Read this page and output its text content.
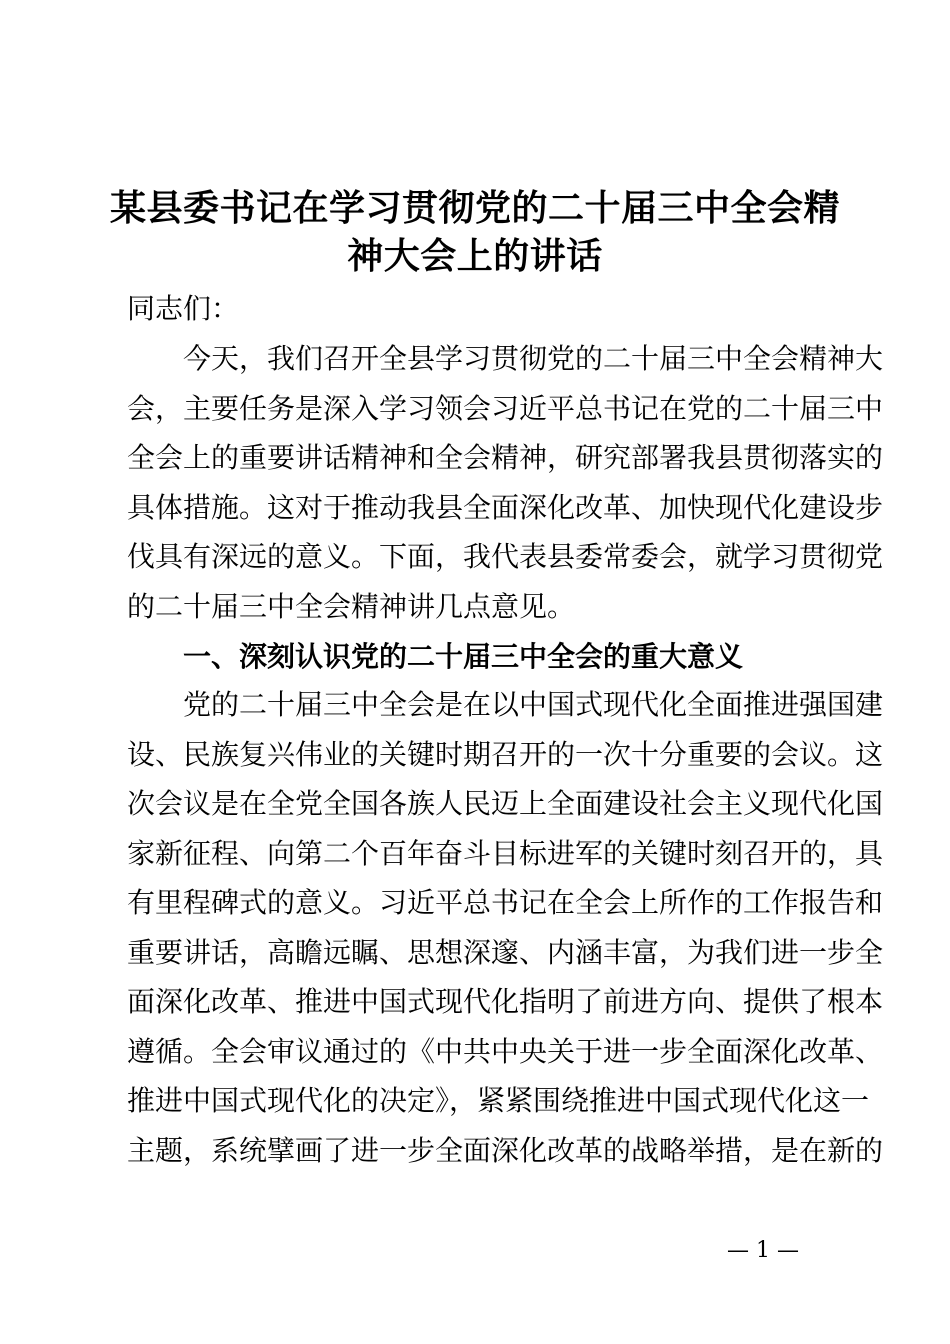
某县委书记在学习贯彻党的二十届三中全会精
神大会上的讲话

同志们：

今天，我们召开全县学习贯彻党的二十届三中全会精神大
会，主要任务是深入学习领会习近平总书记在党的二十届三中
全会上的重要讲话精神和全会精神，研究部署我县贯彻落实的
具体措施。这对于推动我县全面深化改革、加快现代化建设步
伐具有深远的意义。下面，我代表县委常委会，就学习贯彻党
的二十届三中全会精神讲几点意见。
一、深刻认识党的二十届三中全会的重大意义
党的二十届三中全会是在以中国式现代化全面推进强国建
设、民族复兴伟业的关键时期召开的一次十分重要的会议。这
次会议是在全党全国各族人民迈上全面建设社会主义现代化国
家新征程、向第二个百年奋斗目标进军的关键时刻召开的，具
有里程碑式的意义。习近平总书记在全会上所作的工作报告和
重要讲话，高瞻远瞩、思想深邃、内涵丰富，为我们进一步全
面深化改革、推进中国式现代化指明了前进方向、提供了根本
遵循。全会审议通过的《中共中央关于进一步全面深化改革、
推进中国式现代化的决定》，紧紧围绕推进中国式现代化这一
主题，系统擘画了进一步全面深化改革的战略举措，是在新的
— 1 —
